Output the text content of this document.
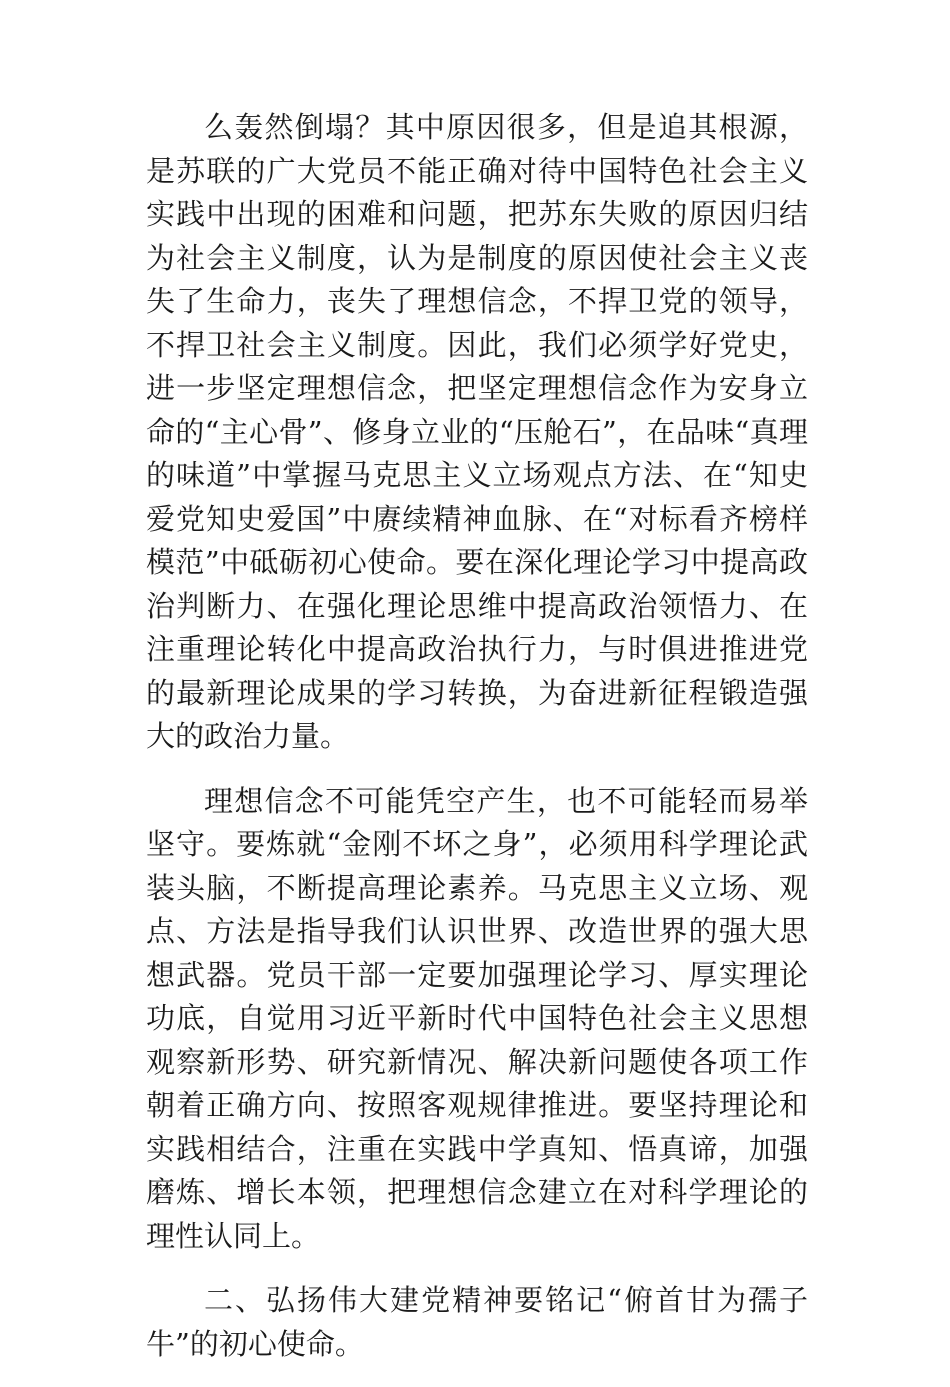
么轰然倒塌？其中原因很多，但是追其根源，是苏联的广大党员不能正确对待中国特色社会主义实践中出现的困难和问题，把苏东失败的原因归结为社会主义制度，认为是制度的原因使社会主义丧失了生命力，丧失了理想信念，不捍卫党的领导，不捍卫社会主义制度。因此，我们必须学好党史，进一步坚定理想信念，把坚定理想信念作为安身立命的“主心骨”、修身立业的“压舱石”，在品味“真理的味道”中掌握马克思主义立场观点方法、在“知史爱党知史爱国”中赓续精神血脉、在“对标看齐榜样模范”中砥砺初心使命。要在深化理论学习中提高政治判断力、在强化理论思维中提高政治领悟力、在注重理论转化中提高政治执行力，与时俱进推进党的最新理论成果的学习转换，为奋进新征程锻造强大的政治力量。

理想信念不可能凭空产生，也不可能轻而易举坚守。要炼就“金刚不坏之身”，必须用科学理论武装头脑，不断提高理论素养。马克思主义立场、观点、方法是指导我们认识世界、改造世界的强大思想武器。党员干部一定要加强理论学习、厚实理论功底，自觉用习近平新时代中国特色社会主义思想观察新形势、研究新情况、解决新问题使各项工作朝着正确方向、按照客观规律推进。要坚持理论和实践相结合，注重在实践中学真知、悟真谛，加强磨炼、增长本领，把理想信念建立在对科学理论的理性认同上。

二、弘扬伟大建党精神要铭记“俯首甘为孺子牛”的初心使命。
